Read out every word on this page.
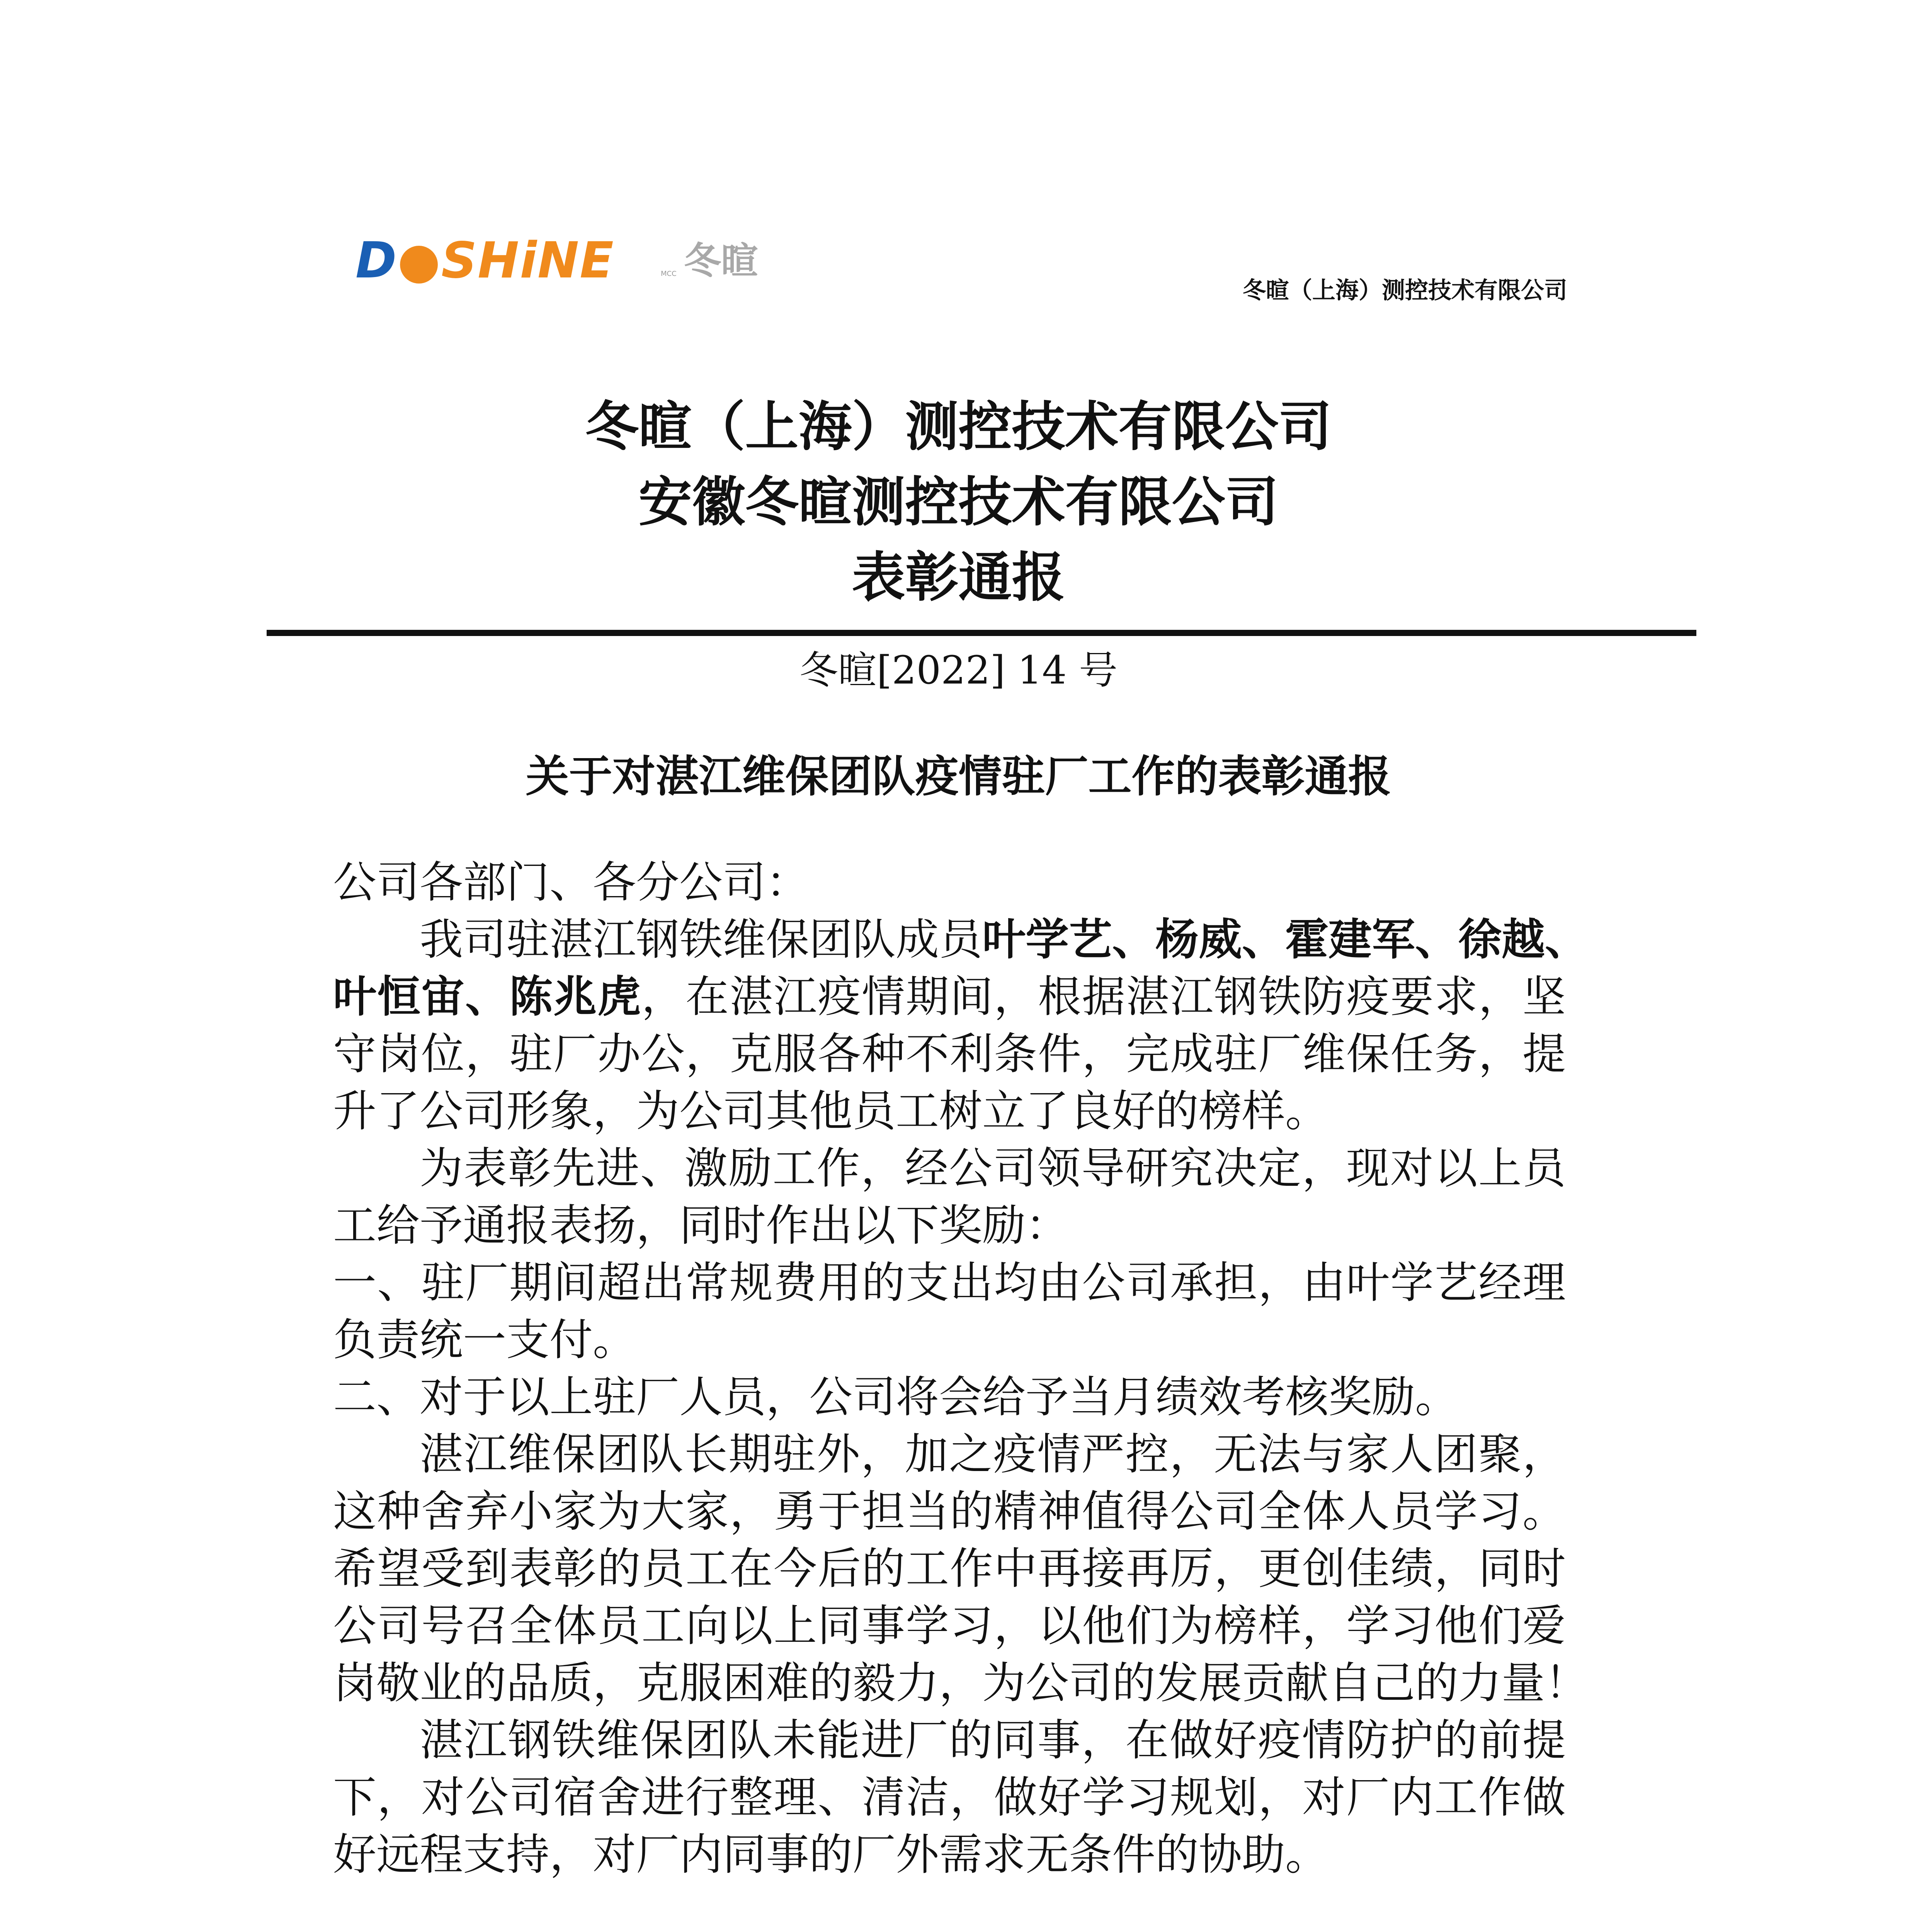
D●SHiNE	MCC 冬暄
冬暄（上海）测控技术有限公司
冬暄（上海）测控技术有限公司
安徽冬暄测控技术有限公司
表彰通报
冬暄[2022] 14 号
关于对湛江维保团队疫情驻厂工作的表彰通报
公司各部门、各分公司：
我司驻湛江钢铁维保团队成员叶学艺、杨威、霍建军、徐越、
叶恒宙、陈兆虎，在湛江疫情期间，根据湛江钢铁防疫要求，坚
守岗位，驻厂办公，克服各种不利条件，完成驻厂维保任务，提
升了公司形象，为公司其他员工树立了良好的榜样。
为表彰先进、激励工作，经公司领导研究决定，现对以上员
工给予通报表扬，同时作出以下奖励：
一、驻厂期间超出常规费用的支出均由公司承担，由叶学艺经理
负责统一支付。
二、对于以上驻厂人员，公司将会给予当月绩效考核奖励。
湛江维保团队长期驻外，加之疫情严控，无法与家人团聚，
这种舍弃小家为大家，勇于担当的精神值得公司全体人员学习。
希望受到表彰的员工在今后的工作中再接再厉，更创佳绩，同时
公司号召全体员工向以上同事学习，以他们为榜样，学习他们爱
岗敬业的品质，克服困难的毅力，为公司的发展贡献自己的力量！
湛江钢铁维保团队未能进厂的同事，在做好疫情防护的前提
下，对公司宿舍进行整理、清洁，做好学习规划，对厂内工作做
好远程支持，对厂内同事的厂外需求无条件的协助。
